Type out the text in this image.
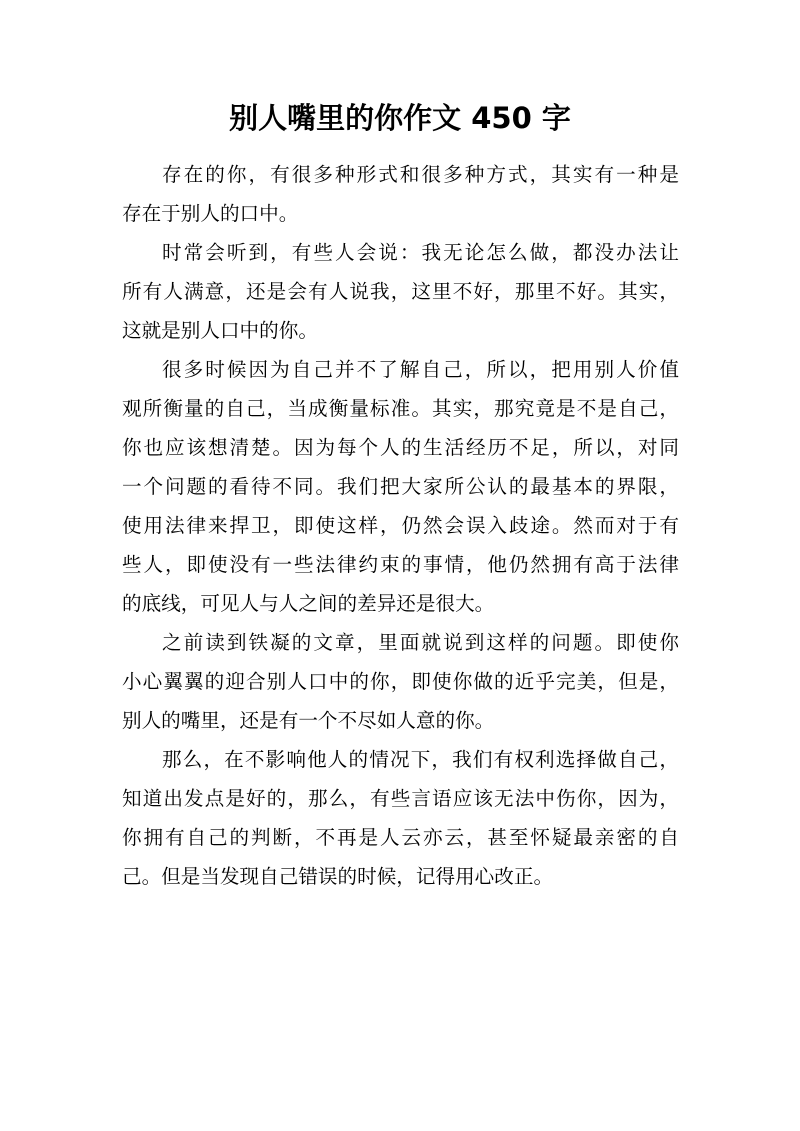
别人嘴里的你作文 450 字

存在的你，有很多种形式和很多种方式，其实有一种是
存在于别人的口中。

时常会听到，有些人会说：我无论怎么做，都没办法让
所有人满意，还是会有人说我，这里不好，那里不好。其实，
这就是别人口中的你。

很多时候因为自己并不了解自己，所以，把用别人价值
观所衡量的自己，当成衡量标准。其实，那究竟是不是自己，
你也应该想清楚。因为每个人的生活经历不足，所以，对同
一个问题的看待不同。我们把大家所公认的最基本的界限，
使用法律来捍卫，即使这样，仍然会误入歧途。然而对于有
些人，即使没有一些法律约束的事情，他仍然拥有高于法律
的底线，可见人与人之间的差异还是很大。

之前读到铁凝的文章，里面就说到这样的问题。即使你
小心翼翼的迎合别人口中的你，即使你做的近乎完美，但是，
别人的嘴里，还是有一个不尽如人意的你。

那么，在不影响他人的情况下，我们有权利选择做自己，
知道出发点是好的，那么，有些言语应该无法中伤你，因为，
你拥有自己的判断，不再是人云亦云，甚至怀疑最亲密的自
己。但是当发现自己错误的时候，记得用心改正。
